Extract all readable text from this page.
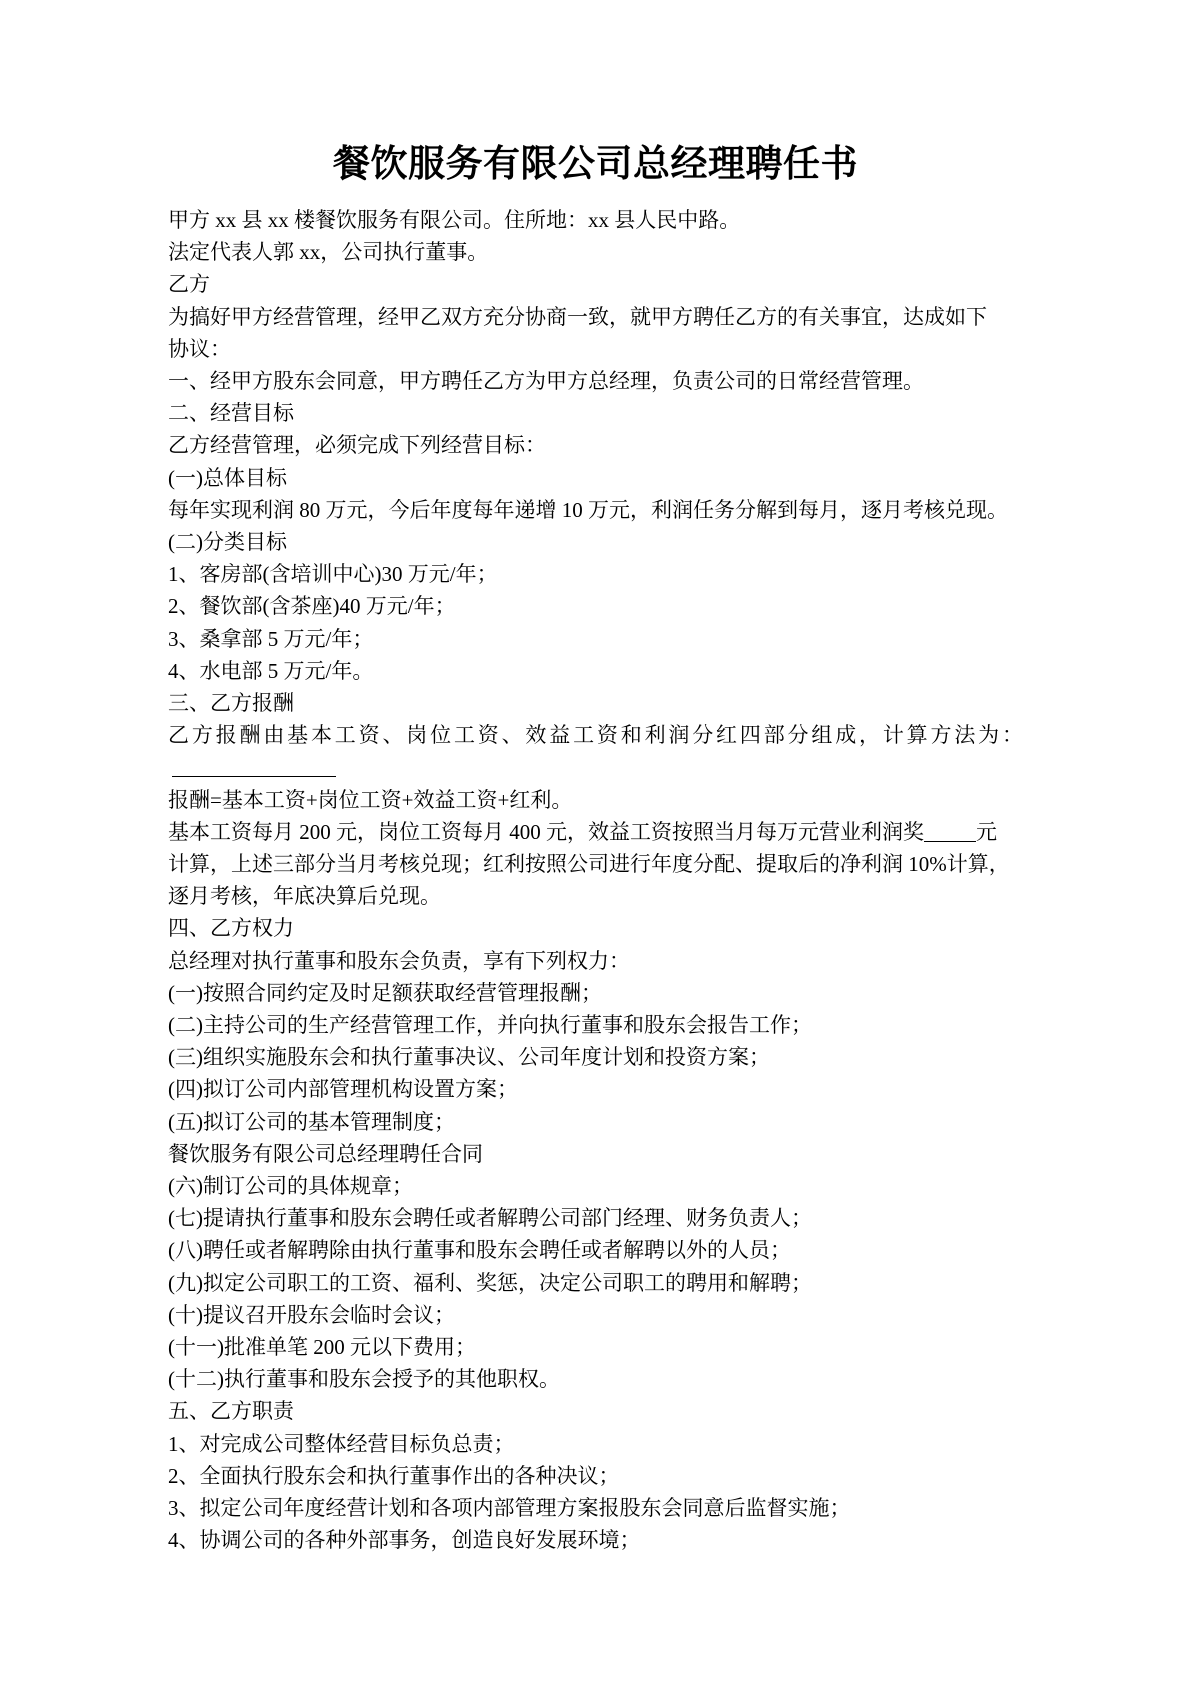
餐饮服务有限公司总经理聘任书

甲方 xx 县 xx 楼餐饮服务有限公司。住所地：xx 县人民中路。

法定代表人郭 xx，公司执行董事。

乙方

为搞好甲方经营管理，经甲乙双方充分协商一致，就甲方聘任乙方的有关事宜，达成如下

协议：

一、经甲方股东会同意，甲方聘任乙方为甲方总经理，负责公司的日常经营管理。

二、经营目标

乙方经营管理，必须完成下列经营目标：

(一)总体目标

每年实现利润 80 万元，今后年度每年递增 10 万元，利润任务分解到每月，逐月考核兑现。

(二)分类目标

1、客房部(含培训中心)30 万元/年；

2、餐饮部(含茶座)40 万元/年；

3、桑拿部 5 万元/年；

4、水电部 5 万元/年。

三、乙方报酬

乙方报酬由基本工资、岗位工资、效益工资和利润分红四部分组成，计算方法为：

报酬=基本工资+岗位工资+效益工资+红利。

基本工资每月 200 元，岗位工资每月 400 元，效益工资按照当月每万元营业利润奖 元

计算，上述三部分当月考核兑现；红利按照公司进行年度分配、提取后的净利润 10%计算，

逐月考核，年底决算后兑现。

四、乙方权力

总经理对执行董事和股东会负责，享有下列权力：

(一)按照合同约定及时足额获取经营管理报酬；

(二)主持公司的生产经营管理工作，并向执行董事和股东会报告工作；

(三)组织实施股东会和执行董事决议、公司年度计划和投资方案；

(四)拟订公司内部管理机构设置方案；

(五)拟订公司的基本管理制度；

餐饮服务有限公司总经理聘任合同

(六)制订公司的具体规章；

(七)提请执行董事和股东会聘任或者解聘公司部门经理、财务负责人；

(八)聘任或者解聘除由执行董事和股东会聘任或者解聘以外的人员；

(九)拟定公司职工的工资、福利、奖惩，决定公司职工的聘用和解聘；

(十)提议召开股东会临时会议；

(十一)批准单笔 200 元以下费用；

(十二)执行董事和股东会授予的其他职权。

五、乙方职责

1、对完成公司整体经营目标负总责；

2、全面执行股东会和执行董事作出的各种决议；

3、拟定公司年度经营计划和各项内部管理方案报股东会同意后监督实施；

4、协调公司的各种外部事务，创造良好发展环境；
